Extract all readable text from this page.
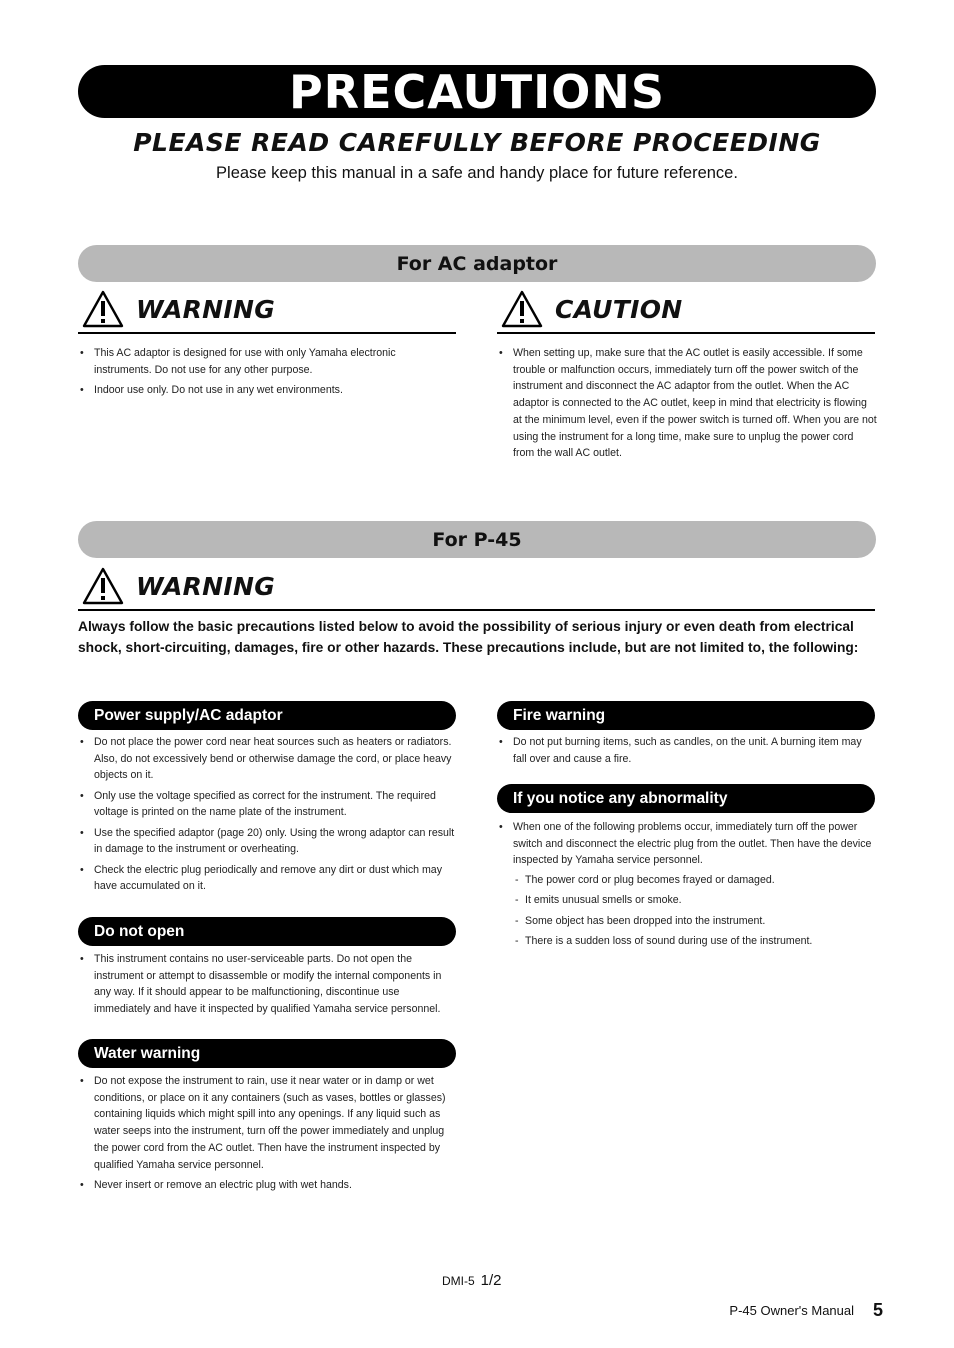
PRECAUTIONS
PLEASE READ CAREFULLY BEFORE PROCEEDING
Please keep this manual in a safe and handy place for future reference.
For AC adaptor
WARNING	CAUTION
• This AC adaptor is designed for use with only Yamaha electronic instruments. Do not use for any other purpose.
• Indoor use only. Do not use in any wet environments.
• When setting up, make sure that the AC outlet is easily accessible. If some trouble or malfunction occurs, immediately turn off the power switch of the instrument and disconnect the AC adaptor from the outlet. When the AC adaptor is connected to the AC outlet, keep in mind that electricity is flowing at the minimum level, even if the power switch is turned off. When you are not using the instrument for a long time, make sure to unplug the power cord from the wall AC outlet.
For P-45
WARNING
Always follow the basic precautions listed below to avoid the possibility of serious injury or even death from electrical shock, short-circuiting, damages, fire or other hazards. These precautions include, but are not limited to, the following:
Power supply/AC adaptor
• Do not place the power cord near heat sources such as heaters or radiators. Also, do not excessively bend or otherwise damage the cord, or place heavy objects on it.
• Only use the voltage specified as correct for the instrument. The required voltage is printed on the name plate of the instrument.
• Use the specified adaptor (page 20) only. Using the wrong adaptor can result in damage to the instrument or overheating.
• Check the electric plug periodically and remove any dirt or dust which may have accumulated on it.
Do not open
• This instrument contains no user-serviceable parts. Do not open the instrument or attempt to disassemble or modify the internal components in any way. If it should appear to be malfunctioning, discontinue use immediately and have it inspected by qualified Yamaha service personnel.
Water warning
• Do not expose the instrument to rain, use it near water or in damp or wet conditions, or place on it any containers (such as vases, bottles or glasses) containing liquids which might spill into any openings. If any liquid such as water seeps into the instrument, turn off the power immediately and unplug the power cord from the AC outlet. Then have the instrument inspected by qualified Yamaha service personnel.
• Never insert or remove an electric plug with wet hands.
Fire warning
• Do not put burning items, such as candles, on the unit. A burning item may fall over and cause a fire.
If you notice any abnormality
• When one of the following problems occur, immediately turn off the power switch and disconnect the electric plug from the outlet. Then have the device inspected by Yamaha service personnel.
- The power cord or plug becomes frayed or damaged.
- It emits unusual smells or smoke.
- Some object has been dropped into the instrument.
- There is a sudden loss of sound during use of the instrument.
DMI-5 1/2
P-45 Owner's Manual 5
